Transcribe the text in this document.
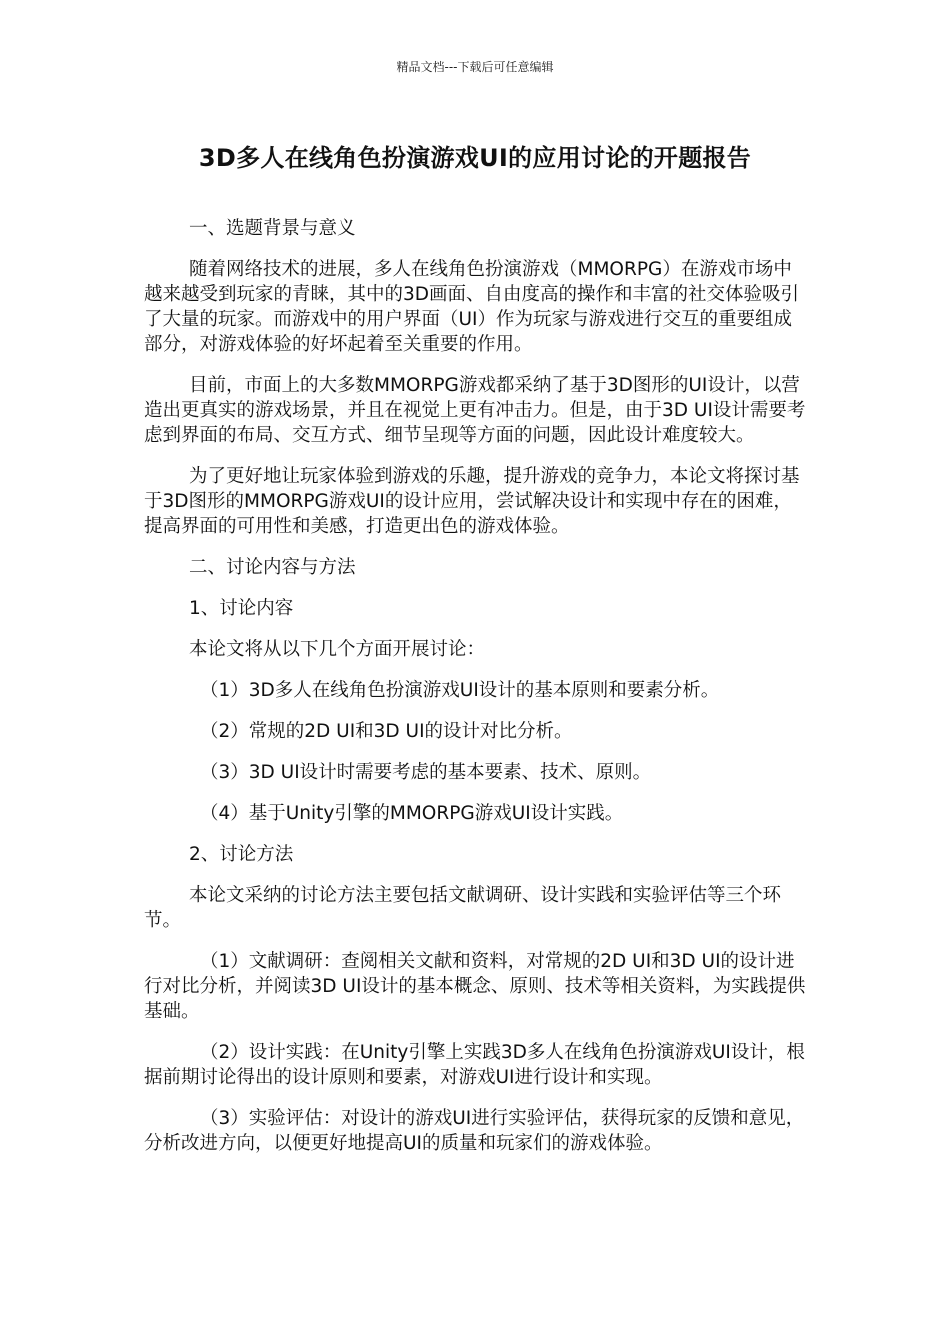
精品文档---下载后可任意编辑
3D多人在线角色扮演游戏UI的应用讨论的开题报告

一、选题背景与意义

随着网络技术的进展，多人在线角色扮演游戏（MMORPG）在游戏市场中越来越受到玩家的青睐，其中的3D画面、自由度高的操作和丰富的社交体验吸引了大量的玩家。而游戏中的用户界面（UI）作为玩家与游戏进行交互的重要组成部分，对游戏体验的好坏起着至关重要的作用。

目前，市面上的大多数MMORPG游戏都采纳了基于3D图形的UI设计，以营造出更真实的游戏场景，并且在视觉上更有冲击力。但是，由于3D UI设计需要考虑到界面的布局、交互方式、细节呈现等方面的问题，因此设计难度较大。

为了更好地让玩家体验到游戏的乐趣，提升游戏的竞争力，本论文将探讨基于3D图形的MMORPG游戏UI的设计应用，尝试解决设计和实现中存在的困难，提高界面的可用性和美感，打造更出色的游戏体验。

二、讨论内容与方法

1、讨论内容

本论文将从以下几个方面开展讨论：

（1）3D多人在线角色扮演游戏UI设计的基本原则和要素分析。

（2）常规的2D UI和3D UI的设计对比分析。

（3）3D UI设计时需要考虑的基本要素、技术、原则。

（4）基于Unity引擎的MMORPG游戏UI设计实践。

2、讨论方法

本论文采纳的讨论方法主要包括文献调研、设计实践和实验评估等三个环节。

（1）文献调研：查阅相关文献和资料，对常规的2D UI和3D UI的设计进行对比分析，并阅读3D UI设计的基本概念、原则、技术等相关资料，为实践提供基础。

（2）设计实践：在Unity引擎上实践3D多人在线角色扮演游戏UI设计，根据前期讨论得出的设计原则和要素，对游戏UI进行设计和实现。

（3）实验评估：对设计的游戏UI进行实验评估，获得玩家的反馈和意见，分析改进方向，以便更好地提高UI的质量和玩家们的游戏体验。
